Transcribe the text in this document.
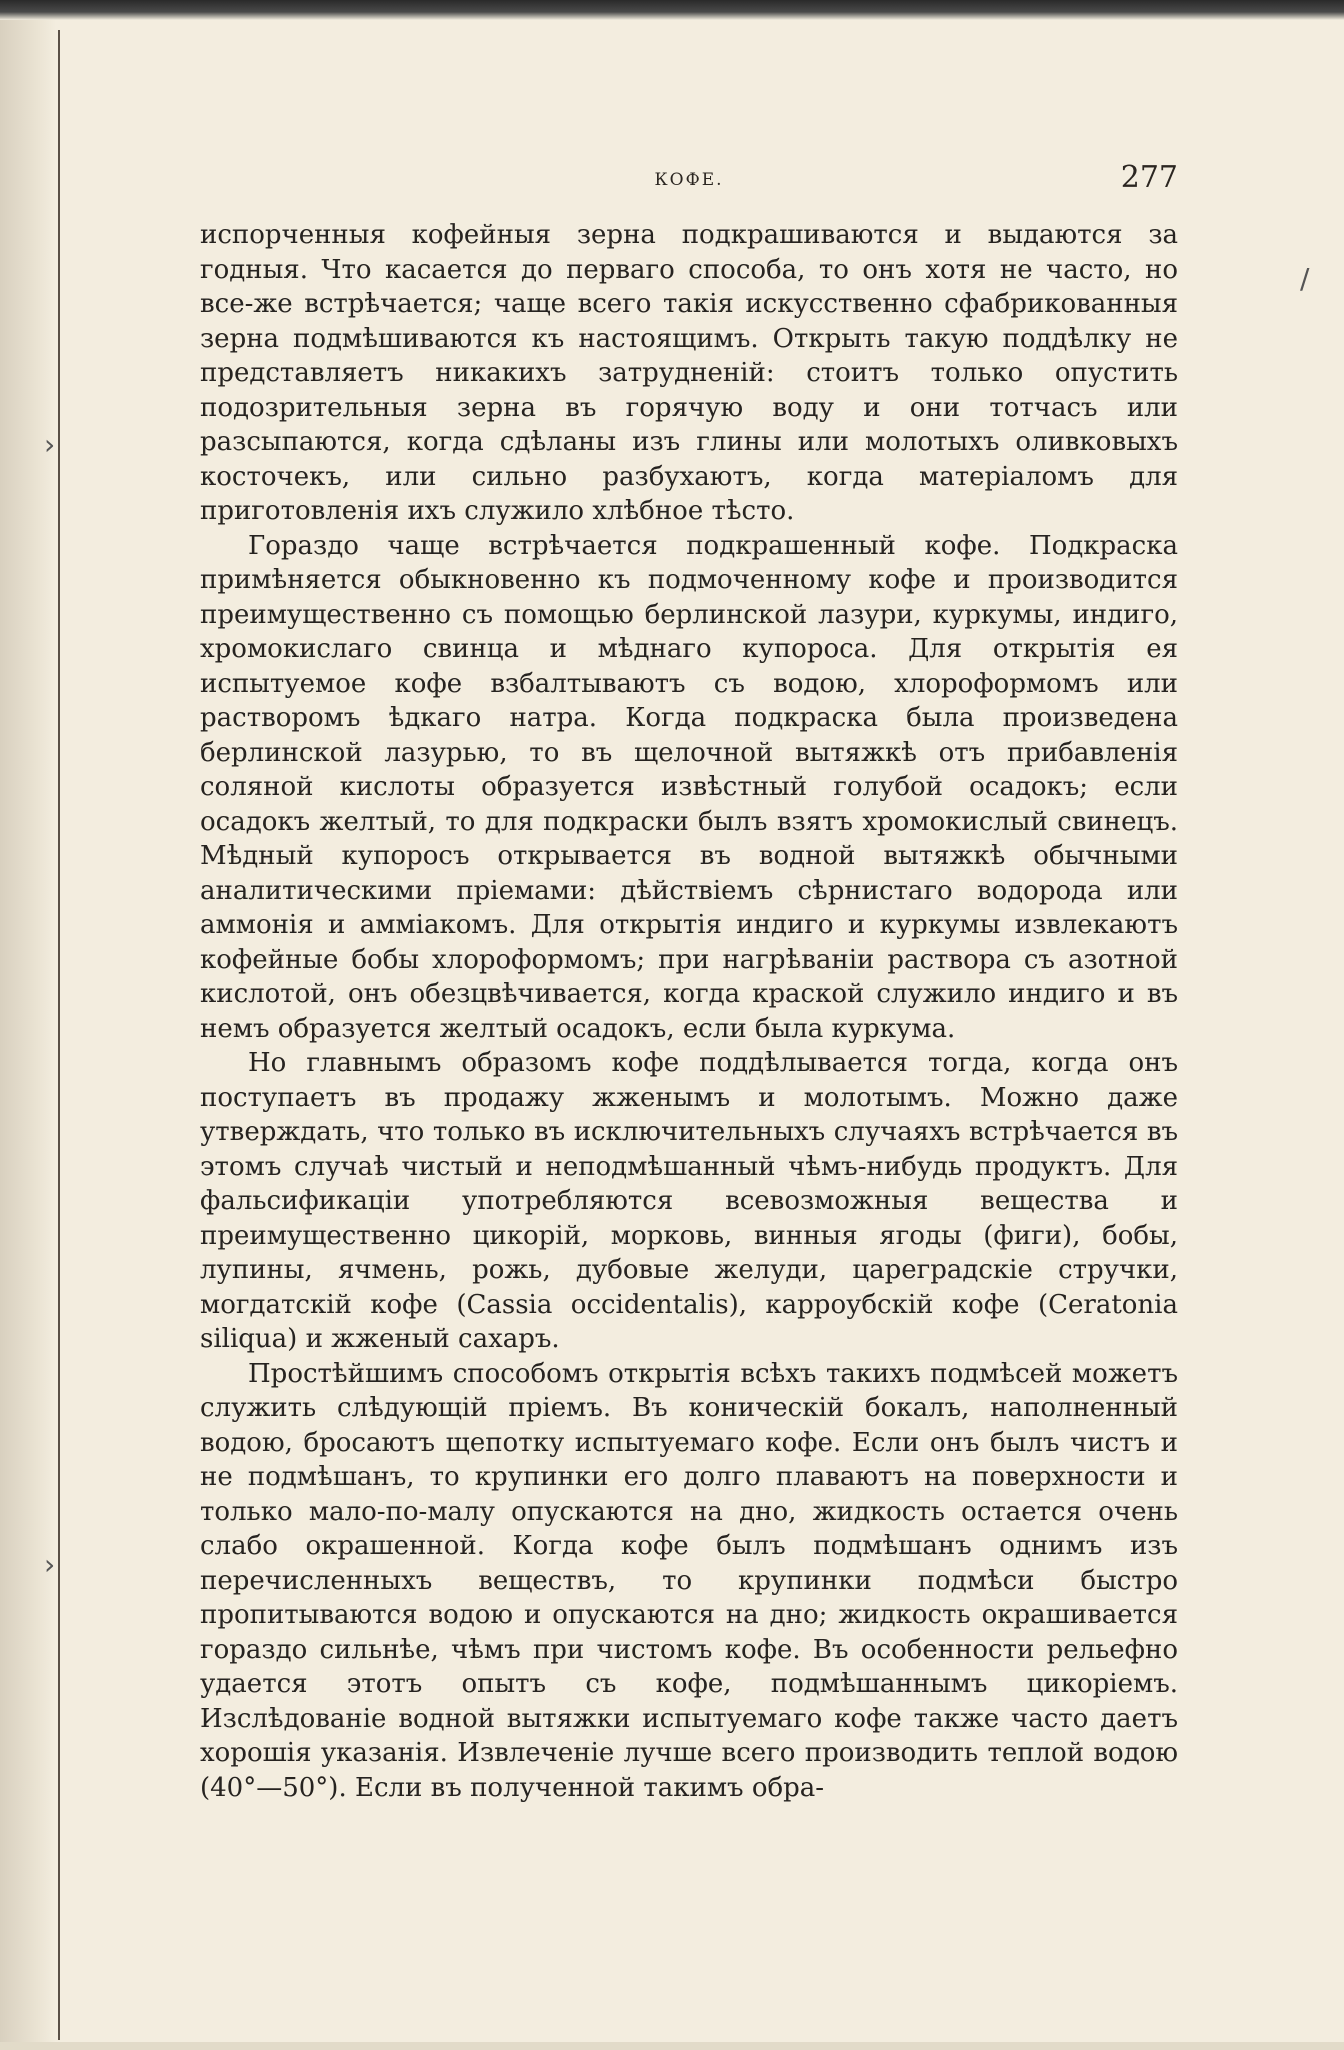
/
›
›
КОФЕ.	277

испорченныя кофейныя зерна подкрашиваются и выдаются за годныя. Что касается до перваго способа, то онъ хотя не часто, но все-же встрѣчается; чаще всего такія искусственно сфабрикованныя зерна подмѣшиваются къ настоящимъ. Открыть такую поддѣлку не представляетъ никакихъ затрудненій: стоитъ только опустить подозрительныя зерна въ горячую воду и они тотчасъ или разсыпаются, когда сдѣланы изъ глины или молотыхъ оливковыхъ косточекъ, или сильно разбухаютъ, когда матеріаломъ для приготовленія ихъ служило хлѣбное тѣсто.

Гораздо чаще встрѣчается подкрашенный кофе. Подкраска примѣняется обыкновенно къ подмоченному кофе и производится преимущественно съ помощью берлинской лазури, куркумы, индиго, хромокислаго свинца и мѣднаго купороса. Для открытія ея испытуемое кофе взбалтываютъ съ водою, хлороформомъ или растворомъ ѣдкаго натра. Когда подкраска была произведена берлинской лазурью, то въ щелочной вытяжкѣ отъ прибавленія соляной кислоты образуется извѣстный голубой осадокъ; если осадокъ желтый, то для подкраски былъ взятъ хромокислый свинецъ. Мѣдный купоросъ открывается въ водной вытяжкѣ обычными аналитическими пріемами: дѣйствіемъ сѣрнистаго водорода или аммонія и амміакомъ. Для открытія индиго и куркумы извлекаютъ кофейные бобы хлороформомъ; при нагрѣваніи раствора съ азотной кислотой, онъ обезцвѣчивается, когда краской служило индиго и въ немъ образуется желтый осадокъ, если была куркума.

Но главнымъ образомъ кофе поддѣлывается тогда, когда онъ поступаетъ въ продажу жженымъ и молотымъ. Можно даже утверждать, что только въ исключительныхъ случаяхъ встрѣчается въ этомъ случаѣ чистый и неподмѣшанный чѣмъ-нибудь продуктъ. Для фальсификаціи употребляются всевозможныя вещества и преимущественно цикорій, морковь, винныя ягоды (фиги), бобы, лупины, ячмень, рожь, дубовые желуди, цареградскіе стручки, могдатскій кофе (Cassia occidentalis), карроубскій кофе (Ceratonia siliqua) и жженый сахаръ.

Простѣйшимъ способомъ открытія всѣхъ такихъ подмѣсей можетъ служить слѣдующій пріемъ. Въ коническій бокалъ, наполненный водою, бросаютъ щепотку испытуемаго кофе. Если онъ былъ чистъ и не подмѣшанъ, то крупинки его долго плаваютъ на поверхности и только мало-по-малу опускаются на дно, жидкость остается очень слабо окрашенной. Когда кофе былъ подмѣшанъ однимъ изъ перечисленныхъ веществъ, то крупинки подмѣси быстро пропитываются водою и опускаются на дно; жидкость окрашивается гораздо сильнѣе, чѣмъ при чистомъ кофе. Въ особенности рельефно удается этотъ опытъ съ кофе, подмѣшаннымъ цикоріемъ. Изслѣдованіе водной вытяжки испытуемаго кофе также часто даетъ хорошія указанія. Извлеченіе лучше всего производить теплой водою (40°—50°). Если въ полученной такимъ обра-
